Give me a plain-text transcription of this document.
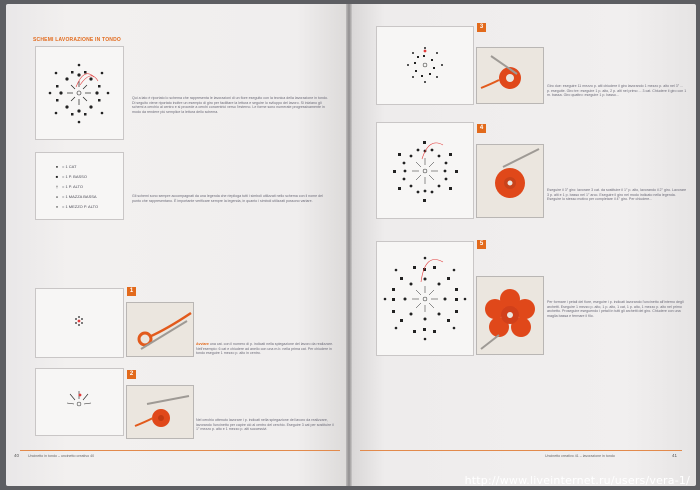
SCHEMI LAVORAZIONE IN TONDO
Qui a lato è riportato lo schema che rappresenta le lavorazioni di un fiore eseguito con la tecnica della lavorazione in tondo. Di seguito viene riportato inoltre un esempio di giro per facilitare la lettura e seguire lo sviluppo del lavoro. Si iniziano gli schemi a cerchio al centro e si procede a cerchi concentrici verso l'esterno. Le forme sono numerate progressivamente in modo da rendere più semplice la lettura dello schema.
● = 1 CAT
■ = 1 P. BASSO
† = 1 P. ALTO
⩚ = 1 MAZZA BASSA
⩛ = 1 MEZZO P. ALTO
Gli schemi sono sempre accompagnati da una legenda che riepiloga tutti i simboli utilizzati nello schema con il nome del punto che rappresentano. È importante verificare sempre la legenda, in quanto i simboli utilizzati possono variare.
1
Avviare una cat. con il numero di p. indicati nella spiegazione del lavoro da realizzare. Nell'esempio: 6 cat e chiudere ad anello con una m.b. nella prima cat. Per chiudere in tondo eseguire 1 mezzo p. alto in centro.
2
Nel cerchio ottenuto lavorare i p. indicati nella spiegazione del lavoro da realizzare, lavorando l'uncinetto per capire ciò al centro del cerchio. Eseguire 3 cat per sostituire il 1° mezzo p. alto e 1 mezzo p. alti successivi.
Uncinetto in tondo – uncinetto creativo 40
40
3
Giro due: eseguire 11 mezzo p. alti chiudere il giro lavorando 1 mezzo p. alto nel 3° ... p. eseguite. Giro tre: eseguire 1 p. alto, 2 p. alti nel primo ... 3 cat. Chiudere il giro con 1 m. bassa. Giro quattro: eseguire 1 p. basso...
4
Eseguire il 3° giro: lavorare 3 cat. da sostituire il 1° p. alto, lavorando il 2° giro. Lavorare 3 p. alti e 1 p. basso nel 1° arco. Eseguire il giro nel modo indicato nella legenda. Eseguire lo stesso motivo per completare il 4° giro. Per chiudere...
5
Per formare i petali del fiore, eseguire i p. indicati lavorando l'uncinetto all'interno degli archetti. Eseguire 1 mezzo p. alto, 1 p. alto, 1 cat, 1 p. alto, 1 mezzo p. alto nel primo archetto. Proseguire eseguendo i petali in tutti gli archetti del giro. Chiudere con una maglia bassa e fermare il filo.
Uncinetto creativo 41 – lavorazione in tondo	41
http://www.liveinternet.ru/users/vera-1/
